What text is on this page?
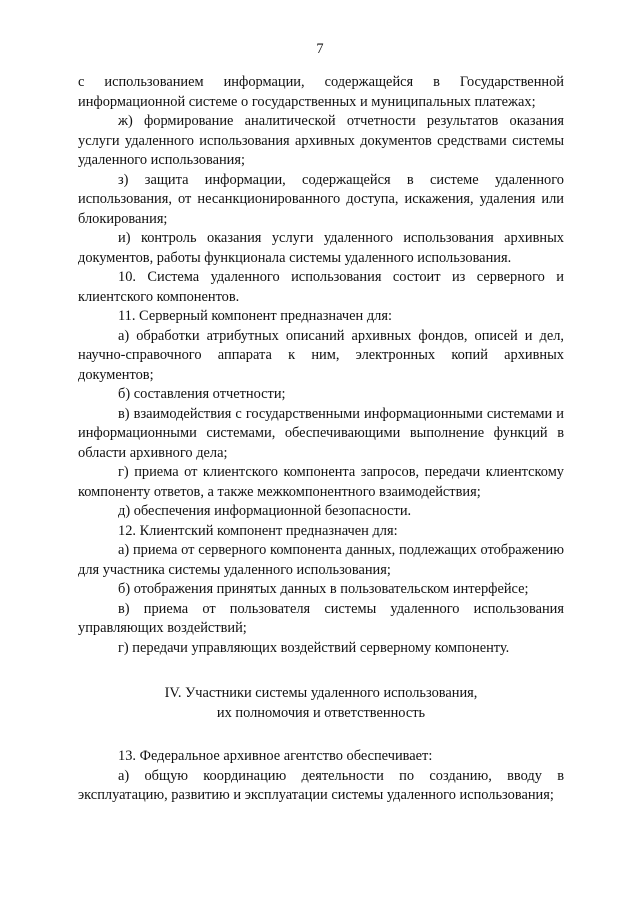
7

с использованием информации, содержащейся в Государственной информационной системе о государственных и муниципальных платежах;

ж) формирование аналитической отчетности результатов оказания услуги удаленного использования архивных документов средствами системы удаленного использования;

з) защита информации, содержащейся в системе удаленного использования, от несанкционированного доступа, искажения, удаления или блокирования;

и) контроль оказания услуги удаленного использования архивных документов, работы функционала системы удаленного использования.

10. Система удаленного использования состоит из серверного и клиентского компонентов.

11. Серверный компонент предназначен для:

а) обработки атрибутных описаний архивных фондов, описей и дел, научно-справочного аппарата к ним, электронных копий архивных документов;

б) составления отчетности;

в) взаимодействия с государственными информационными системами и информационными системами, обеспечивающими выполнение функций в области архивного дела;

г) приема от клиентского компонента запросов, передачи клиентскому компоненту ответов, а также межкомпонентного взаимодействия;

д) обеспечения информационной безопасности.

12. Клиентский компонент предназначен для:

а) приема от серверного компонента данных, подлежащих отображению для участника системы удаленного использования;

б) отображения принятых данных в пользовательском интерфейсе;

в) приема от пользователя системы удаленного использования управляющих воздействий;

г) передачи управляющих воздействий серверному компоненту.

IV. Участники системы удаленного использования,
их полномочия и ответственность

13. Федеральное архивное агентство обеспечивает:

а) общую координацию деятельности по созданию, вводу в эксплуатацию, развитию и эксплуатации системы удаленного использования;
